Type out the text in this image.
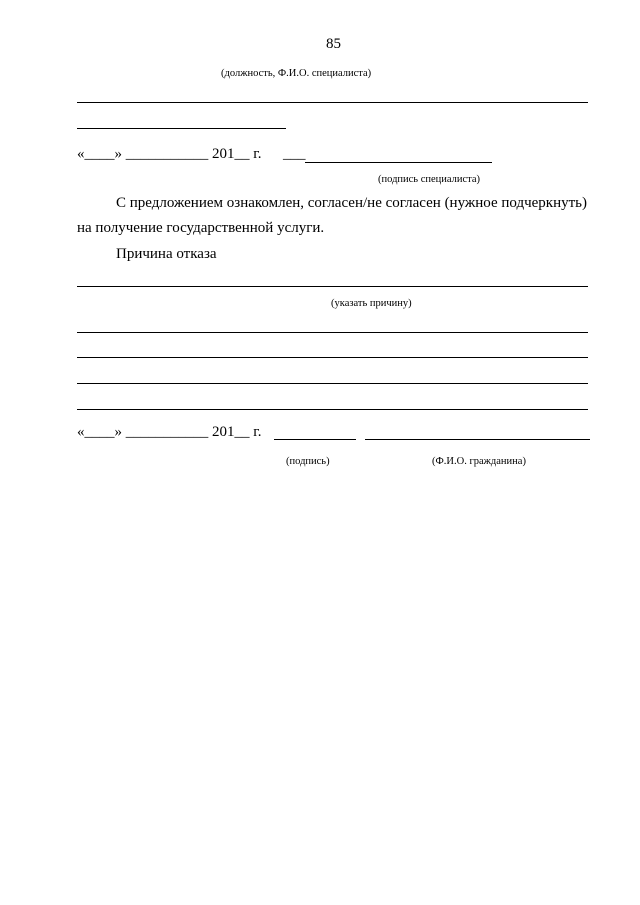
85
(должность, Ф.И.О. специалиста)
«____» ___________ 201__ г. ___
(подпись специалиста)
С предложением ознакомлен, согласен/не согласен (нужное подчеркнуть)
на получение государственной услуги.
Причина отказа
(указать причину)
«____» ___________ 201__ г.
(подпись)	(Ф.И.О. гражданина)
